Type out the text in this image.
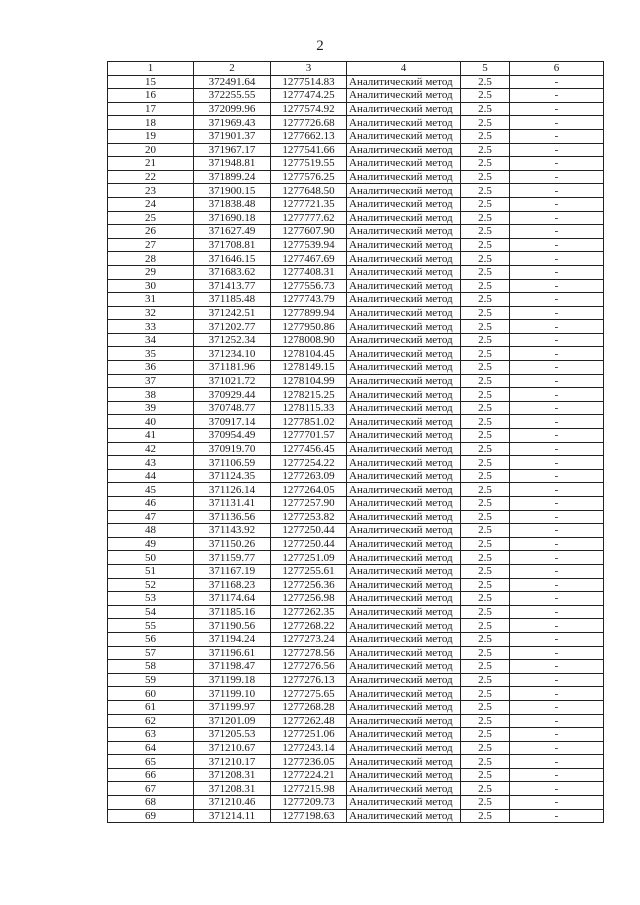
2
1	2	3	4	5	6
15	372491.64	1277514.83	Аналитический метод	2.5	-
16	372255.55	1277474.25	Аналитический метод	2.5	-
17	372099.96	1277574.92	Аналитический метод	2.5	-
18	371969.43	1277726.68	Аналитический метод	2.5	-
19	371901.37	1277662.13	Аналитический метод	2.5	-
20	371967.17	1277541.66	Аналитический метод	2.5	-
21	371948.81	1277519.55	Аналитический метод	2.5	-
22	371899.24	1277576.25	Аналитический метод	2.5	-
23	371900.15	1277648.50	Аналитический метод	2.5	-
24	371838.48	1277721.35	Аналитический метод	2.5	-
25	371690.18	1277777.62	Аналитический метод	2.5	-
26	371627.49	1277607.90	Аналитический метод	2.5	-
27	371708.81	1277539.94	Аналитический метод	2.5	-
28	371646.15	1277467.69	Аналитический метод	2.5	-
29	371683.62	1277408.31	Аналитический метод	2.5	-
30	371413.77	1277556.73	Аналитический метод	2.5	-
31	371185.48	1277743.79	Аналитический метод	2.5	-
32	371242.51	1277899.94	Аналитический метод	2.5	-
33	371202.77	1277950.86	Аналитический метод	2.5	-
34	371252.34	1278008.90	Аналитический метод	2.5	-
35	371234.10	1278104.45	Аналитический метод	2.5	-
36	371181.96	1278149.15	Аналитический метод	2.5	-
37	371021.72	1278104.99	Аналитический метод	2.5	-
38	370929.44	1278215.25	Аналитический метод	2.5	-
39	370748.77	1278115.33	Аналитический метод	2.5	-
40	370917.14	1277851.02	Аналитический метод	2.5	-
41	370954.49	1277701.57	Аналитический метод	2.5	-
42	370919.70	1277456.45	Аналитический метод	2.5	-
43	371106.59	1277254.22	Аналитический метод	2.5	-
44	371124.35	1277263.09	Аналитический метод	2.5	-
45	371126.14	1277264.05	Аналитический метод	2.5	-
46	371131.41	1277257.90	Аналитический метод	2.5	-
47	371136.56	1277253.82	Аналитический метод	2.5	-
48	371143.92	1277250.44	Аналитический метод	2.5	-
49	371150.26	1277250.44	Аналитический метод	2.5	-
50	371159.77	1277251.09	Аналитический метод	2.5	-
51	371167.19	1277255.61	Аналитический метод	2.5	-
52	371168.23	1277256.36	Аналитический метод	2.5	-
53	371174.64	1277256.98	Аналитический метод	2.5	-
54	371185.16	1277262.35	Аналитический метод	2.5	-
55	371190.56	1277268.22	Аналитический метод	2.5	-
56	371194.24	1277273.24	Аналитический метод	2.5	-
57	371196.61	1277278.56	Аналитический метод	2.5	-
58	371198.47	1277276.56	Аналитический метод	2.5	-
59	371199.18	1277276.13	Аналитический метод	2.5	-
60	371199.10	1277275.65	Аналитический метод	2.5	-
61	371199.97	1277268.28	Аналитический метод	2.5	-
62	371201.09	1277262.48	Аналитический метод	2.5	-
63	371205.53	1277251.06	Аналитический метод	2.5	-
64	371210.67	1277243.14	Аналитический метод	2.5	-
65	371210.17	1277236.05	Аналитический метод	2.5	-
66	371208.31	1277224.21	Аналитический метод	2.5	-
67	371208.31	1277215.98	Аналитический метод	2.5	-
68	371210.46	1277209.73	Аналитический метод	2.5	-
69	371214.11	1277198.63	Аналитический метод	2.5	-
